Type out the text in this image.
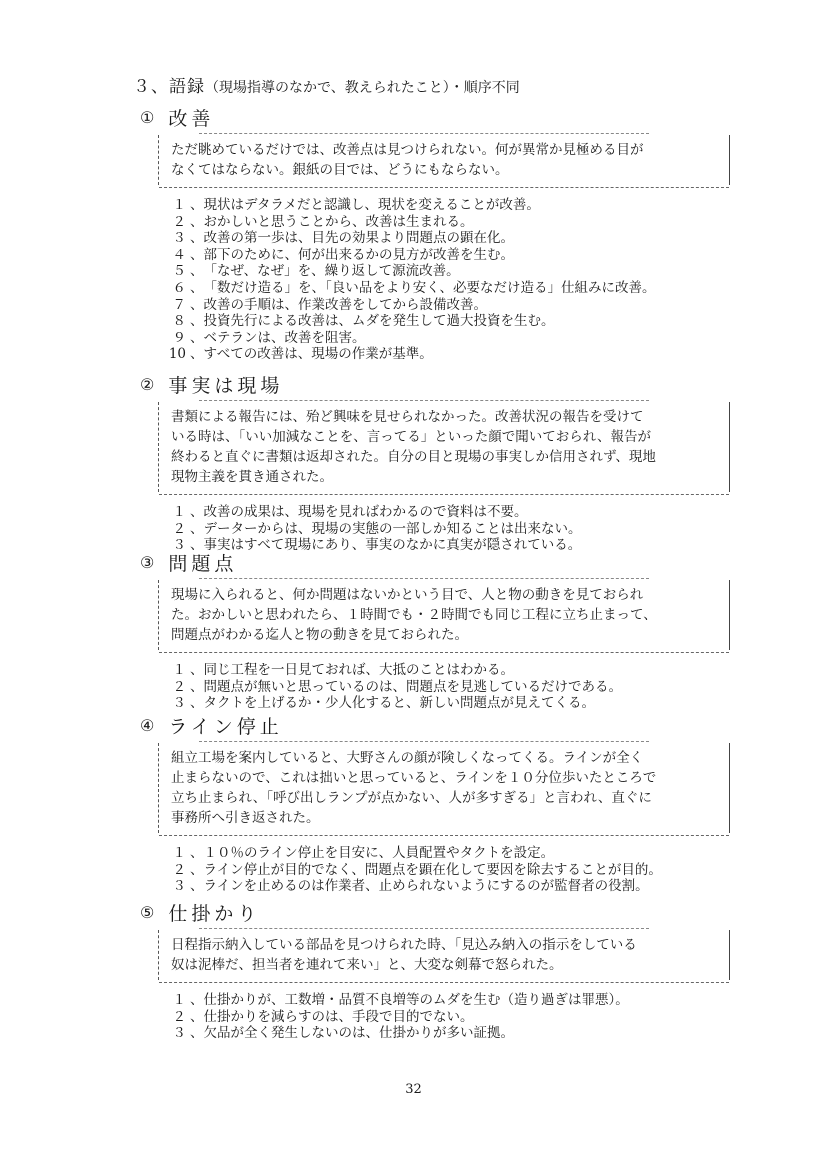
３、語録（現場指導のなかで、教えられたこと）・順序不同
① 改善
ただ眺めているだけでは、改善点は見つけられない。何が異常か見極める目が
なくてはならない。銀紙の目では、どうにもならない。
１ 、 現状はデタラメだと認識し、現状を変えることが改善。
２ 、 おかしいと思うことから、改善は生まれる。
３ 、 改善の第一歩は、目先の効果より問題点の顕在化。
４ 、 部下のために、何が出来るかの見方が改善を生む。
５ 、 「なぜ、なぜ」を、繰り返して源流改善。
６ 、 「数だけ造る」を、「良い品をより安く、必要なだけ造る」仕組みに改善。
７ 、 改善の手順は、作業改善をしてから設備改善。
８ 、 投資先行による改善は、ムダを発生して過大投資を生む。
９ 、 ベテランは、改善を阻害。
10 、 すべての改善は、現場の作業が基準。
② 事実は現場
書類による報告には、殆ど興味を見せられなかった。改善状況の報告を受けて
いる時は、「いい加減なことを、言ってる」といった顔で聞いておられ、報告が
終わると直ぐに書類は返却された。自分の目と現場の事実しか信用されず、現地
現物主義を貫き通された。
１ 、 改善の成果は、現場を見ればわかるので資料は不要。
２ 、 データーからは、現場の実態の一部しか知ることは出来ない。
３ 、 事実はすべて現場にあり、事実のなかに真実が隠されている。
③ 問題点
現場に入られると、何か問題はないかという目で、人と物の動きを見ておられ
た。おかしいと思われたら、１時間でも・２時間でも同じ工程に立ち止まって、
問題点がわかる迄人と物の動きを見ておられた。
１ 、 同じ工程を一日見ておれば、大抵のことはわかる。
２ 、 問題点が無いと思っているのは、問題点を見逃しているだけである。
３ 、 タクトを上げるか・少人化すると、新しい問題点が見えてくる。
④ ライン停止
組立工場を案内していると、大野さんの顔が険しくなってくる。ラインが全く
止まらないので、これは拙いと思っていると、ラインを１０分位歩いたところで
立ち止まられ、「呼び出しランプが点かない、人が多すぎる」と言われ、直ぐに
事務所へ引き返された。
１ 、 １０％のライン停止を目安に、人員配置やタクトを設定。
２ 、 ライン停止が目的でなく、問題点を顕在化して要因を除去することが目的。
３ 、 ラインを止めるのは作業者、止められないようにするのが監督者の役割。
⑤ 仕掛かり
日程指示納入している部品を見つけられた時、「見込み納入の指示をしている
奴は泥棒だ、担当者を連れて来い」と、大変な剣幕で怒られた。
１ 、 仕掛かりが、工数増・品質不良増等のムダを生む（造り過ぎは罪悪）。
２ 、 仕掛かりを減らすのは、手段で目的でない。
３ 、 欠品が全く発生しないのは、仕掛かりが多い証拠。
32
